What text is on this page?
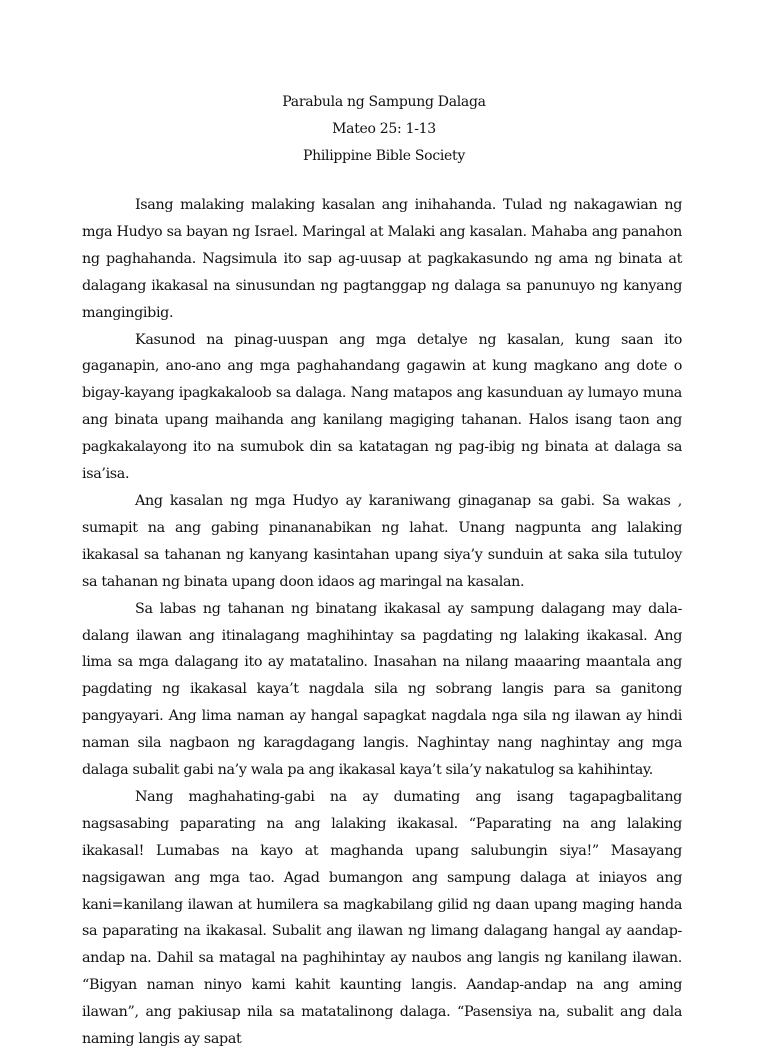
Parabula ng Sampung Dalaga
Mateo 25: 1-13
Philippine Bible Society

Isang malaking malaking kasalan ang inihahanda. Tulad ng nakagawian ng mga Hudyo sa bayan ng Israel. Maringal at Malaki ang kasalan. Mahaba ang panahon ng paghahanda. Nagsimula ito sap ag-uusap at pagkakasundo ng ama ng binata at dalagang ikakasal na sinusundan ng pagtanggap ng dalaga sa panunuyo ng kanyang mangingibig.

Kasunod na pinag-uuspan ang mga detalye ng kasalan, kung saan ito gaganapin, ano-ano ang mga paghahandang gagawin at kung magkano ang dote o bigay-kayang ipagkakaloob sa dalaga. Nang matapos ang kasunduan ay lumayo muna ang binata upang maihanda ang kanilang magiging tahanan. Halos isang taon ang pagkakalayong ito na sumubok din sa katatagan ng pag-ibig ng binata at dalaga sa isa’isa.

Ang kasalan ng mga Hudyo ay karaniwang ginaganap sa gabi. Sa wakas , sumapit na ang gabing pinananabikan ng lahat. Unang nagpunta ang lalaking ikakasal sa tahanan ng kanyang kasintahan upang siya’y sunduin at saka sila tutuloy sa tahanan ng binata upang doon idaos ag maringal na kasalan.

Sa labas ng tahanan ng binatang ikakasal ay sampung dalagang may dala-dalang ilawan ang itinalagang maghihintay sa pagdating ng lalaking ikakasal. Ang lima sa mga dalagang ito ay matatalino. Inasahan na nilang maaaring maantala ang pagdating ng ikakasal kaya’t nagdala sila ng sobrang langis para sa ganitong pangyayari. Ang lima naman ay hangal sapagkat nagdala nga sila ng ilawan ay hindi naman sila nagbaon ng karagdagang langis. Naghintay nang naghintay ang mga dalaga subalit gabi na’y wala pa ang ikakasal kaya’t sila’y nakatulog sa kahihintay.

Nang maghahating-gabi na ay dumating ang isang tagapagbalitang nagsasabing paparating na ang lalaking ikakasal. “Paparating na ang lalaking ikakasal! Lumabas na kayo at maghanda upang salubungin siya!” Masayang nagsigawan ang mga tao. Agad bumangon ang sampung dalaga at iniayos ang kani=kanilang ilawan at humilera sa magkabilang gilid ng daan upang maging handa sa paparating na ikakasal. Subalit ang ilawan ng limang dalagang hangal ay aandap-andap na. Dahil sa matagal na paghihintay ay naubos ang langis ng kanilang ilawan. “Bigyan naman ninyo kami kahit kaunting langis. Aandap-andap na ang aming ilawan”, ang pakiusap nila sa matatalinong dalaga. “Pasensiya na, subalit ang dala naming langis ay sapat
